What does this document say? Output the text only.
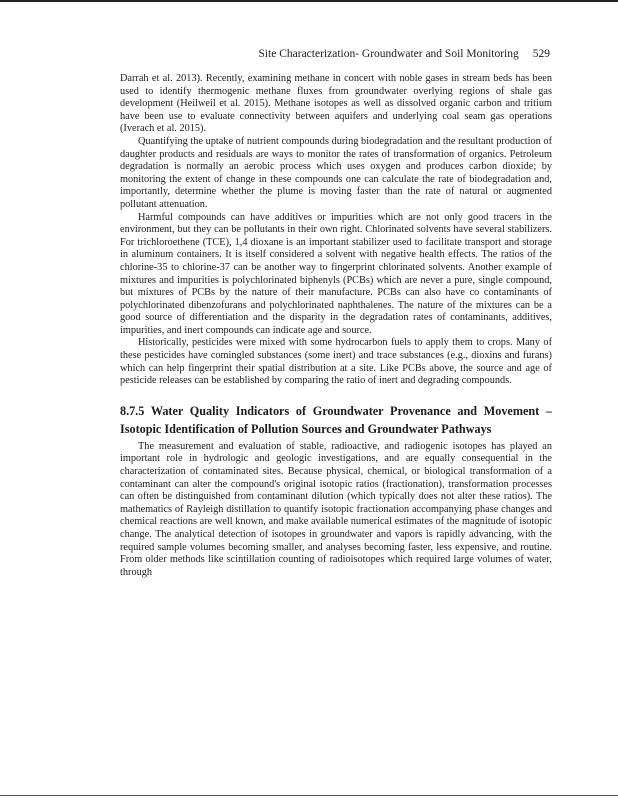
Site Characterization- Groundwater and Soil Monitoring 529

Darrah et al. 2013). Recently, examining methane in concert with noble gases in stream beds has been used to identify thermogenic methane fluxes from groundwater overlying regions of shale gas development (Heilweil et al. 2015). Methane isotopes as well as dissolved organic carbon and tritium have been use to evaluate connectivity between aquifers and underlying coal seam gas operations (Iverach et al. 2015).

Quantifying the uptake of nutrient compounds during biodegradation and the resultant production of daughter products and residuals are ways to monitor the rates of transformation of organics. Petroleum degradation is normally an aerobic process which uses oxygen and produces carbon dioxide; by monitoring the extent of change in these compounds one can calculate the rate of biodegradation and, importantly, determine whether the plume is moving faster than the rate of natural or augmented pollutant attenuation.

Harmful compounds can have additives or impurities which are not only good tracers in the environment, but they can be pollutants in their own right. Chlorinated solvents have several stabilizers. For trichloroethene (TCE), 1,4 dioxane is an important stabilizer used to facilitate transport and storage in aluminum containers. It is itself considered a solvent with negative health effects. The ratios of the chlorine-35 to chlorine-37 can be another way to fingerprint chlorinated solvents. Another example of mixtures and impurities is polychlorinated biphenyls (PCBs) which are never a pure, single compound, but mixtures of PCBs by the nature of their manufacture. PCBs can also have co contaminants of polychlorinated dibenzofurans and polychlorinated naphthalenes. The nature of the mixtures can be a good source of differentiation and the disparity in the degradation rates of contaminants, additives, impurities, and inert compounds can indicate age and source.

Historically, pesticides were mixed with some hydrocarbon fuels to apply them to crops. Many of these pesticides have comingled substances (some inert) and trace substances (e.g., dioxins and furans) which can help fingerprint their spatial distribution at a site. Like PCBs above, the source and age of pesticide releases can be established by comparing the ratio of inert and degrading compounds.

8.7.5 Water Quality Indicators of Groundwater Provenance and Movement – Isotopic Identification of Pollution Sources and Groundwater Pathways

The measurement and evaluation of stable, radioactive, and radiogenic isotopes has played an important role in hydrologic and geologic investigations, and are equally consequential in the characterization of contaminated sites. Because physical, chemical, or biological transformation of a contaminant can alter the compound's original isotopic ratios (fractionation), transformation processes can often be distinguished from contaminant dilution (which typically does not alter these ratios). The mathematics of Rayleigh distillation to quantify isotopic fractionation accompanying phase changes and chemical reactions are well known, and make available numerical estimates of the magnitude of isotopic change. The analytical detection of isotopes in groundwater and vapors is rapidly advancing, with the required sample volumes becoming smaller, and analyses becoming faster, less expensive, and routine. From older methods like scintillation counting of radioisotopes which required large volumes of water, through
